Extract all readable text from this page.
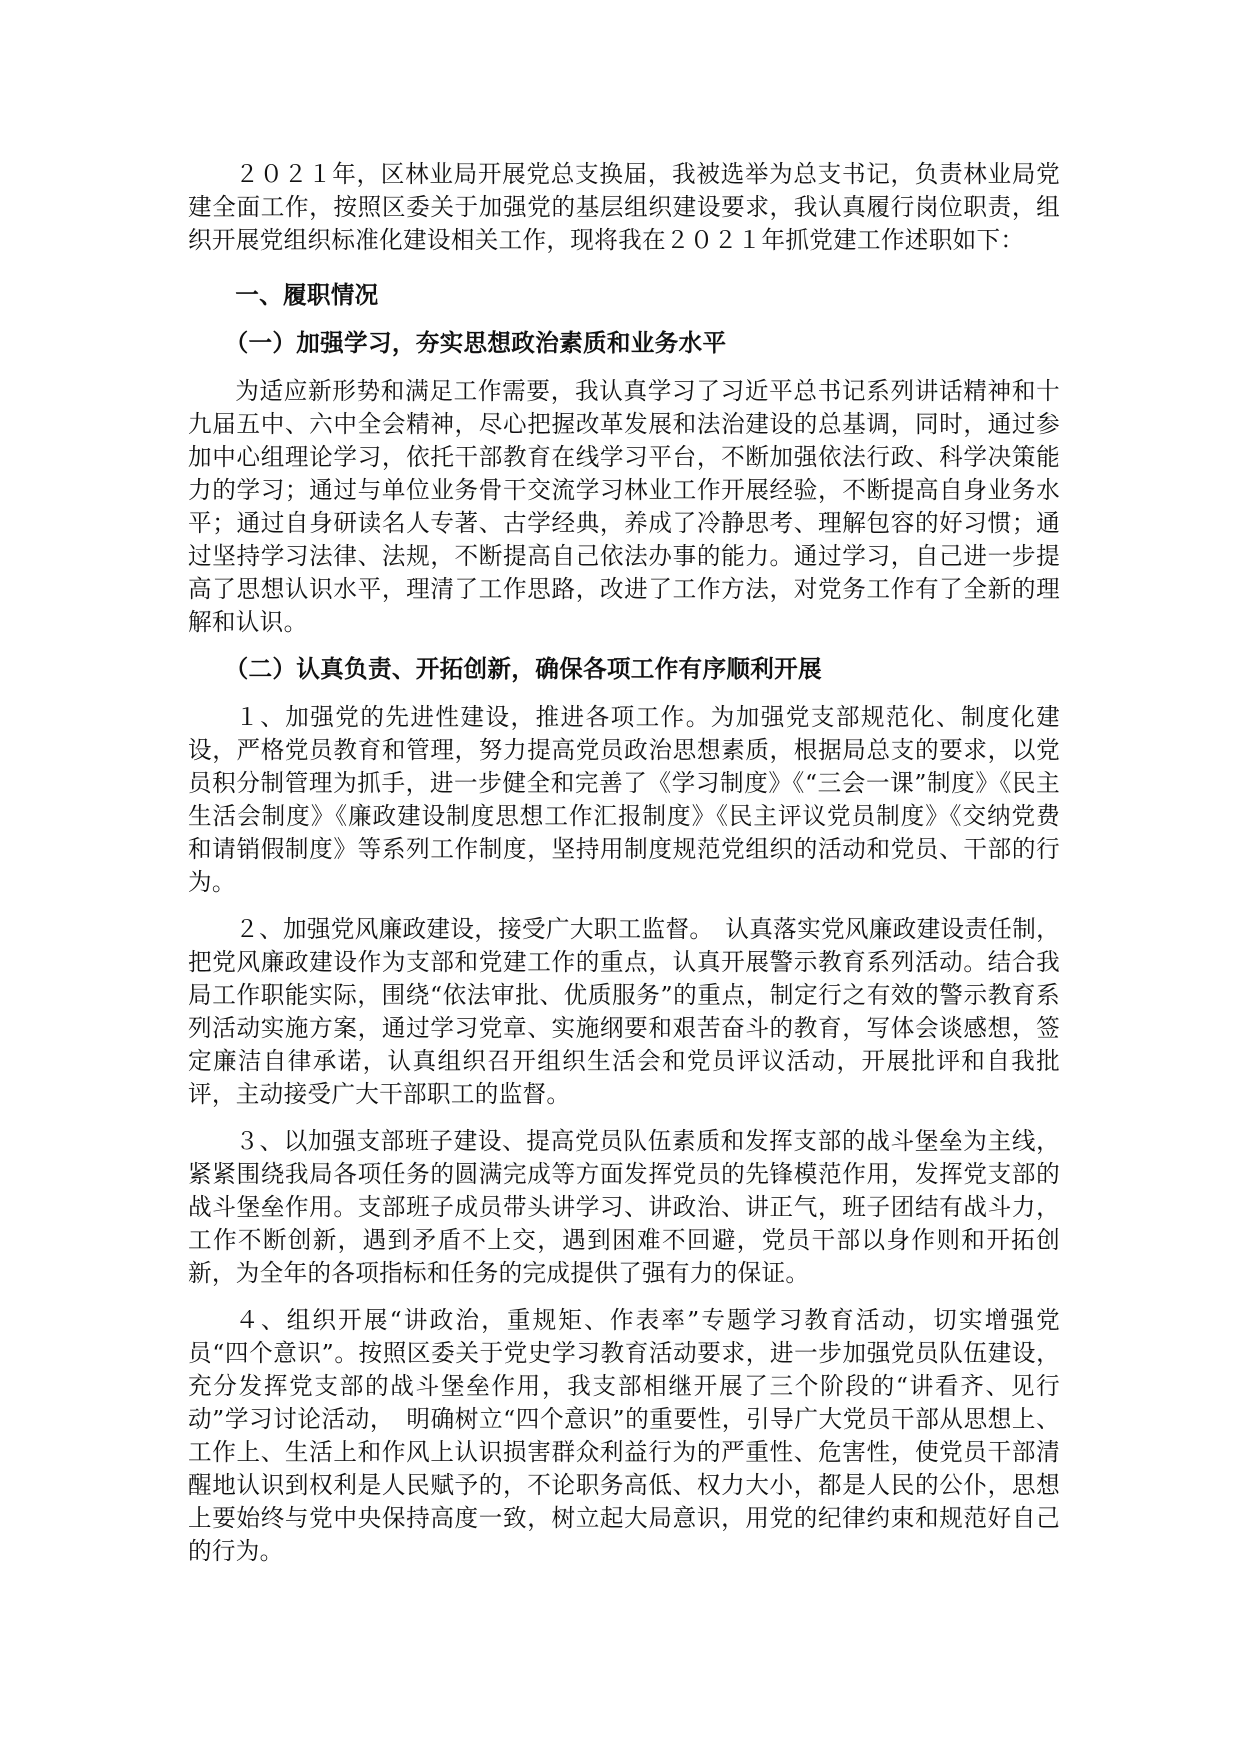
２０２１年，区林业局开展党总支换届，我被选举为总支书记，负责林业局党建全面工作，按照区委关于加强党的基层组织建设要求，我认真履行岗位职责，组织开展党组织标准化建设相关工作，现将我在２０２１年抓党建工作述职如下：

一、履职情况
（一）加强学习，夯实思想政治素质和业务水平

为适应新形势和满足工作需要，我认真学习了习近平总书记系列讲话精神和十九届五中、六中全会精神，尽心把握改革发展和法治建设的总基调，同时，通过参加中心组理论学习，依托干部教育在线学习平台，不断加强依法行政、科学决策能力的学习；通过与单位业务骨干交流学习林业工作开展经验，不断提高自身业务水平；通过自身研读名人专著、古学经典，养成了冷静思考、理解包容的好习惯；通过坚持学习法律、法规，不断提高自己依法办事的能力。通过学习，自己进一步提高了思想认识水平，理清了工作思路，改进了工作方法，对党务工作有了全新的理解和认识。

（二）认真负责、开拓创新，确保各项工作有序顺利开展

１、加强党的先进性建设，推进各项工作。为加强党支部规范化、制度化建设，严格党员教育和管理，努力提高党员政治思想素质，根据局总支的要求，以党员积分制管理为抓手，进一步健全和完善了《学习制度》《“三会一课”制度》《民主生活会制度》《廉政建设制度思想工作汇报制度》《民主评议党员制度》《交纳党费和请销假制度》等系列工作制度，坚持用制度规范党组织的活动和党员、干部的行为。

２、加强党风廉政建设，接受广大职工监督。　认真落实党风廉政建设责任制，把党风廉政建设作为支部和党建工作的重点，认真开展警示教育系列活动。结合我局工作职能实际，围绕“依法审批、优质服务”的重点，制定行之有效的警示教育系列活动实施方案，通过学习党章、实施纲要和艰苦奋斗的教育，写体会谈感想，签定廉洁自律承诺，认真组织召开组织生活会和党员评议活动，开展批评和自我批评，主动接受广大干部职工的监督。

３、以加强支部班子建设、提高党员队伍素质和发挥支部的战斗堡垒为主线，紧紧围绕我局各项任务的圆满完成等方面发挥党员的先锋模范作用，发挥党支部的战斗堡垒作用。支部班子成员带头讲学习、讲政治、讲正气，班子团结有战斗力，工作不断创新，遇到矛盾不上交，遇到困难不回避，党员干部以身作则和开拓创新，为全年的各项指标和任务的完成提供了强有力的保证。

４、组织开展“讲政治，重规矩、作表率”专题学习教育活动，切实增强党员“四个意识”。按照区委关于党史学习教育活动要求，进一步加强党员队伍建设，充分发挥党支部的战斗堡垒作用，我支部相继开展了三个阶段的“讲看齐、见行动”学习讨论活动，　明确树立“四个意识”的重要性，引导广大党员干部从思想上、工作上、生活上和作风上认识损害群众利益行为的严重性、危害性，使党员干部清醒地认识到权利是人民赋予的，不论职务高低、权力大小，都是人民的公仆，思想上要始终与党中央保持高度一致，树立起大局意识，用党的纪律约束和规范好自己的行为。
